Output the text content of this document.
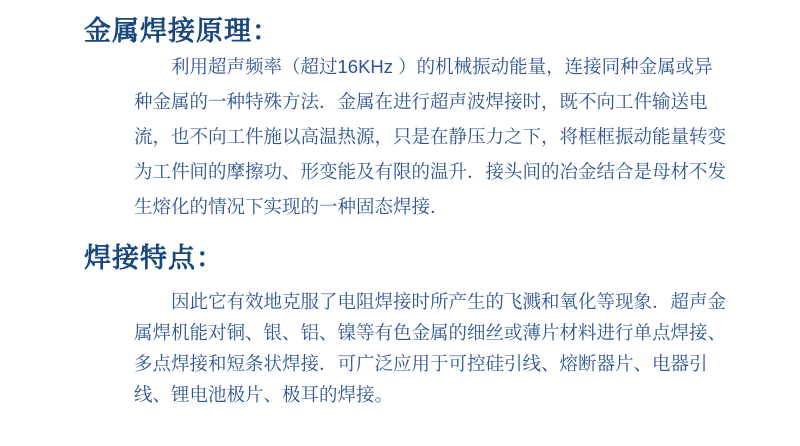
金属焊接原理：
利用超声频率（超过16KHz ）的机械振动能量，连接同种金属或异
种金属的一种特殊方法．金属在进行超声波焊接时，既不向工件输送电
流，也不向工件施以高温热源，只是在静压力之下，将框框振动能量转变
为工件间的摩擦功、形变能及有限的温升．接头间的冶金结合是母材不发
生熔化的情况下实现的一种固态焊接．
焊接特点：
因此它有效地克服了电阻焊接时所产生的飞溅和氧化等现象．超声金
属焊机能对铜、银、铝、镍等有色金属的细丝或薄片材料进行单点焊接、
多点焊接和短条状焊接．可广泛应用于可控硅引线、熔断器片、电器引
线、锂电池极片、极耳的焊接。
